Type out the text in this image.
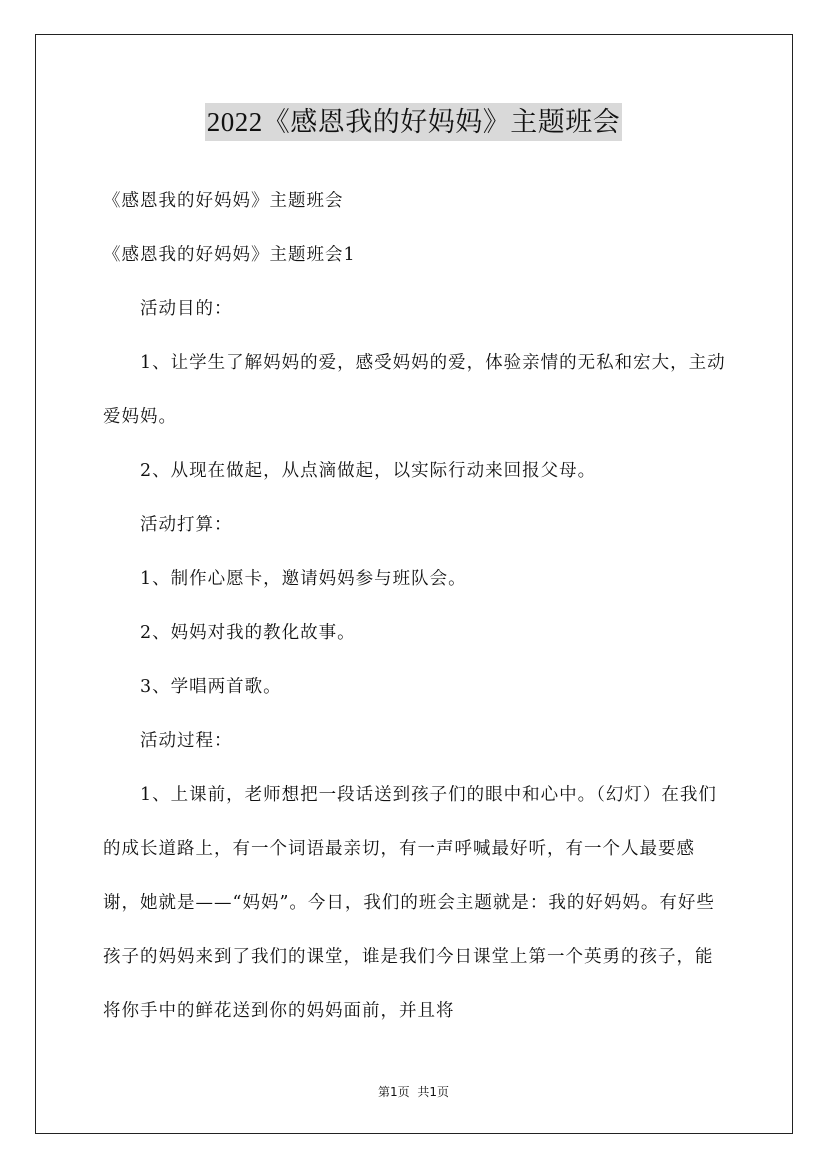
2022《感恩我的好妈妈》主题班会

《感恩我的好妈妈》主题班会

《感恩我的好妈妈》主题班会1

活动目的：

1、让学生了解妈妈的爱，感受妈妈的爱，体验亲情的无私和宏大，主动爱妈妈。

2、从现在做起，从点滴做起，以实际行动来回报父母。

活动打算：

1、制作心愿卡，邀请妈妈参与班队会。

2、妈妈对我的教化故事。

3、学唱两首歌。

活动过程：

1、上课前，老师想把一段话送到孩子们的眼中和心中。（幻灯）在我们的成长道路上，有一个词语最亲切，有一声呼喊最好听，有一个人最要感谢，她就是——“妈妈”。今日，我们的班会主题就是：我的好妈妈。有好些孩子的妈妈来到了我们的课堂，谁是我们今日课堂上第一个英勇的孩子，能将你手中的鲜花送到你的妈妈面前，并且将

第1页 共1页
